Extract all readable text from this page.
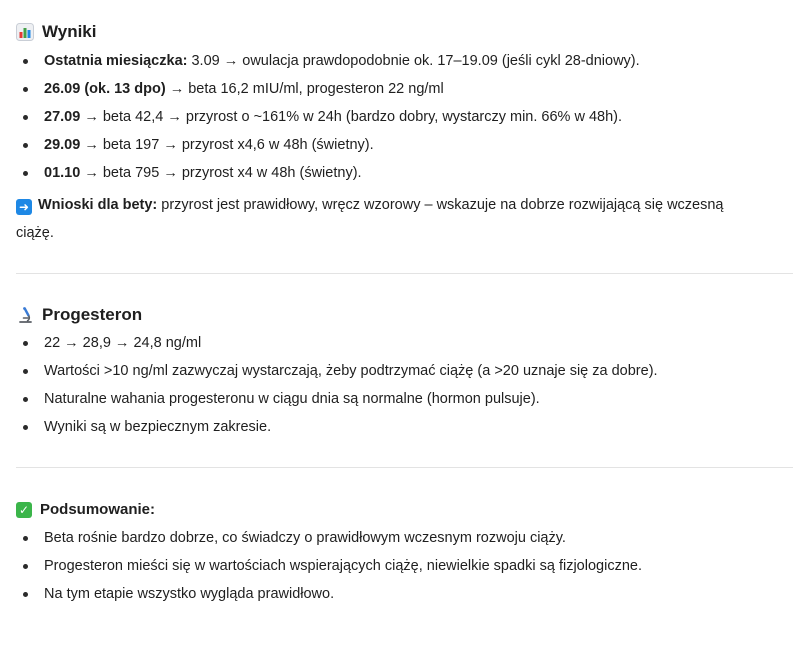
Wyniki
Ostatnia miesiączka: 3.09 → owulacja prawdopodobnie ok. 17–19.09 (jeśli cykl 28-dniowy).
26.09 (ok. 13 dpo) → beta 16,2 mIU/ml, progesteron 22 ng/ml
27.09 → beta 42,4 → przyrost o ~161% w 24h (bardzo dobry, wystarczy min. 66% w 48h).
29.09 → beta 197 → przyrost x4,6 w 48h (świetny).
01.10 → beta 795 → przyrost x4 w 48h (świetny).

➜ Wnioski dla bety: przyrost jest prawidłowy, wręcz wzorowy – wskazuje na dobrze rozwijającą się wczesną
ciążę.

Progesteron
22 → 28,9 → 24,8 ng/ml
Wartości >10 ng/ml zazwyczaj wystarczają, żeby podtrzymać ciążę (a >20 uznaje się za dobre).
Naturalne wahania progesteronu w ciągu dnia są normalne (hormon pulsuje).
Wyniki są w bezpiecznym zakresie.
✓ Podsumowanie:
Beta rośnie bardzo dobrze, co świadczy o prawidłowym wczesnym rozwoju ciąży.
Progesteron mieści się w wartościach wspierających ciążę, niewielkie spadki są fizjologiczne.
Na tym etapie wszystko wygląda prawidłowo.
